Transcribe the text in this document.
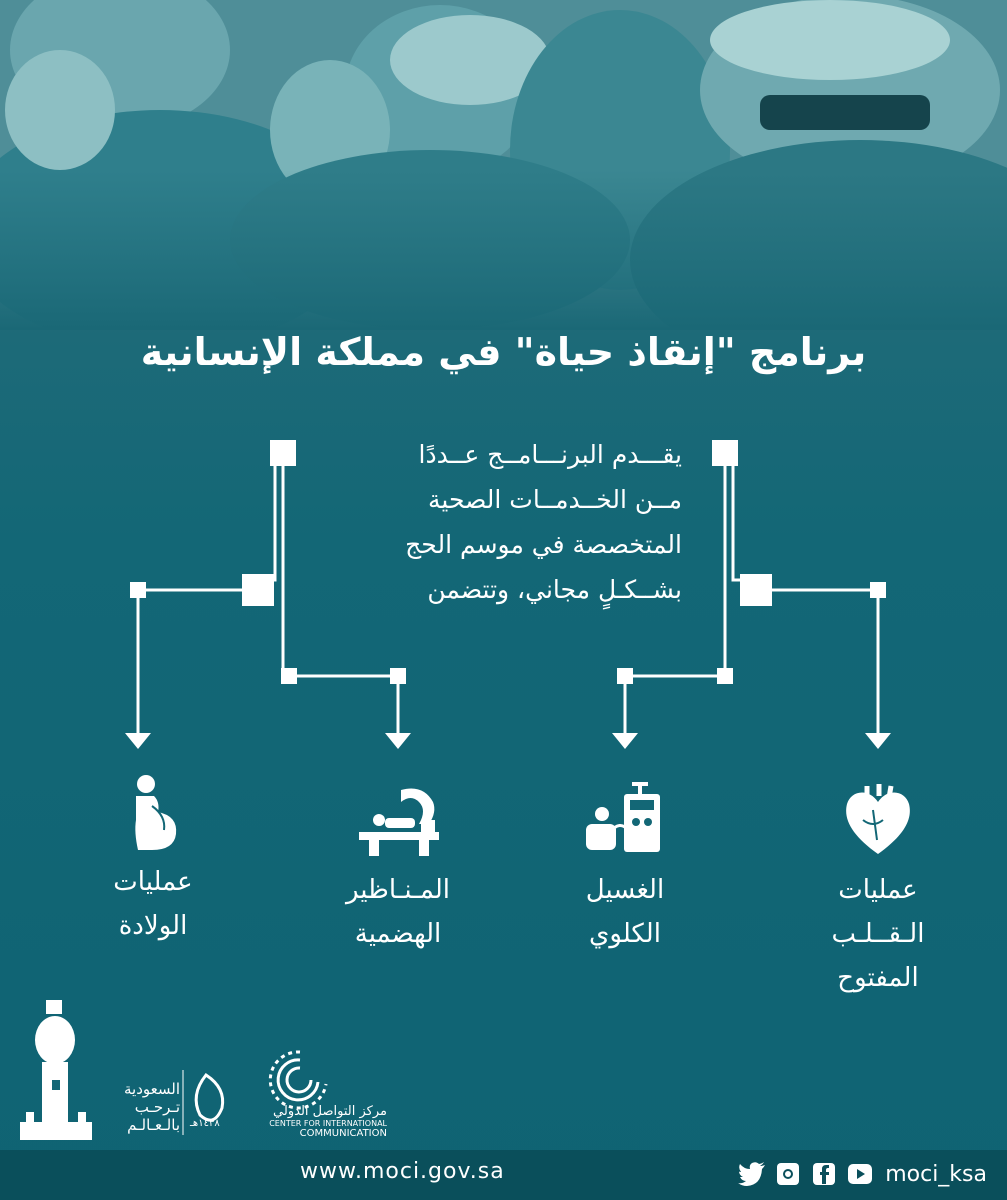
برنامج "إنقاذ حياة" في مملكة الإنسانية
يقـــدم البرنـــامــج عــددًا
مــن الخــدمــات الصحية
المتخصصة في موسم الحج
بشــكـلٍ مجاني، وتتضمن
عمليات
الـقــلـب
المفتوح
الغسيل
الكلوي
المـنـاظير
الهضمية
عمليات
الولادة
السعودية
تـرحـب
بالـعـالـم ١٤٣٨هـ
مركز التواصل الدولي
CENTER FOR INTERNATIONAL
COMMUNICATION
www.moci.gov.sa	moci_ksa
